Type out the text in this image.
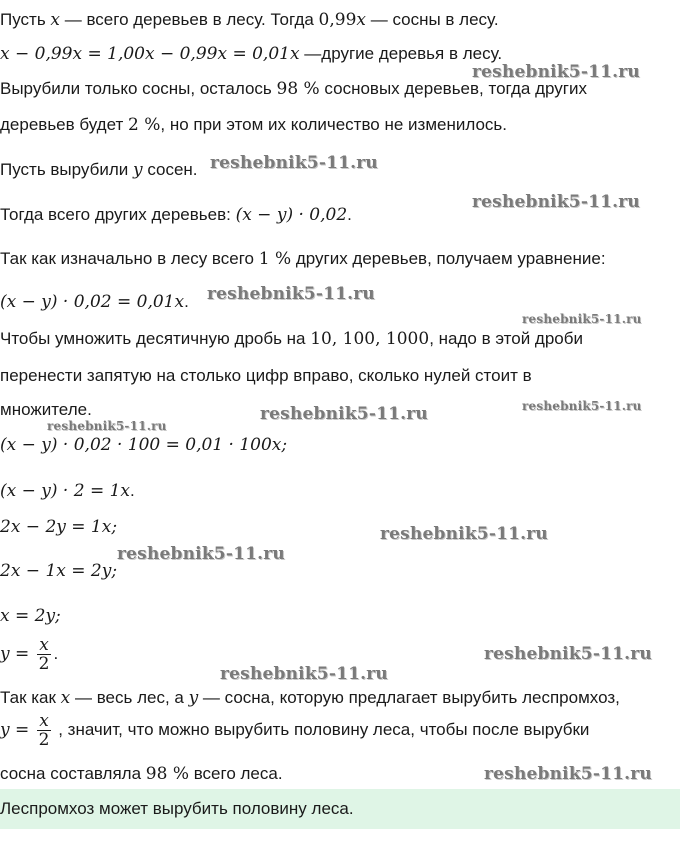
Пусть x — всего деревьев в лесу. Тогда 0,99x — сосны в лесу.
x − 0,99x = 1,00x − 0,99x = 0,01x —другие деревья в лесу.
Вырубили только сосны, осталось 98 % сосновых деревьев, тогда других
деревьев будет 2 %, но при этом их количество не изменилось.
Пусть вырубили y сосен.
Тогда всего других деревьев: (x − y) · 0,02.
Так как изначально в лесу всего 1 % других деревьев, получаем уравнение:
(x − y) · 0,02 = 0,01x.
Чтобы умножить десятичную дробь на 10, 100, 1000, надо в этой дроби
перенести запятую на столько цифр вправо, сколько нулей стоит в
множителе.
(x − y) · 0,02 · 100 = 0,01 · 100x;
(x − y) · 2 = 1x.
2x − 2y = 1x;
2x − 1x = 2y;
x = 2y;
$y = \frac{x}{2}$ .
Так как x — весь лес, а y — сосна, которую предлагает вырубить леспромхоз,
$y = \frac{x}{2}$ , значит, что можно вырубить половину леса, чтобы после вырубки
сосна составляла 98 % всего леса.
Леспромхоз может вырубить половину леса.
reshebnik5-11.ru
reshebnik5-11.ru
reshebnik5-11.ru
reshebnik5-11.ru
reshebnik5-11.ru
reshebnik5-11.ru	reshebnik5-11.ru
reshebnik5-11.ru
reshebnik5-11.ru
reshebnik5-11.ru
reshebnik5-11.ru
reshebnik5-11.ru
reshebnik5-11.ru
